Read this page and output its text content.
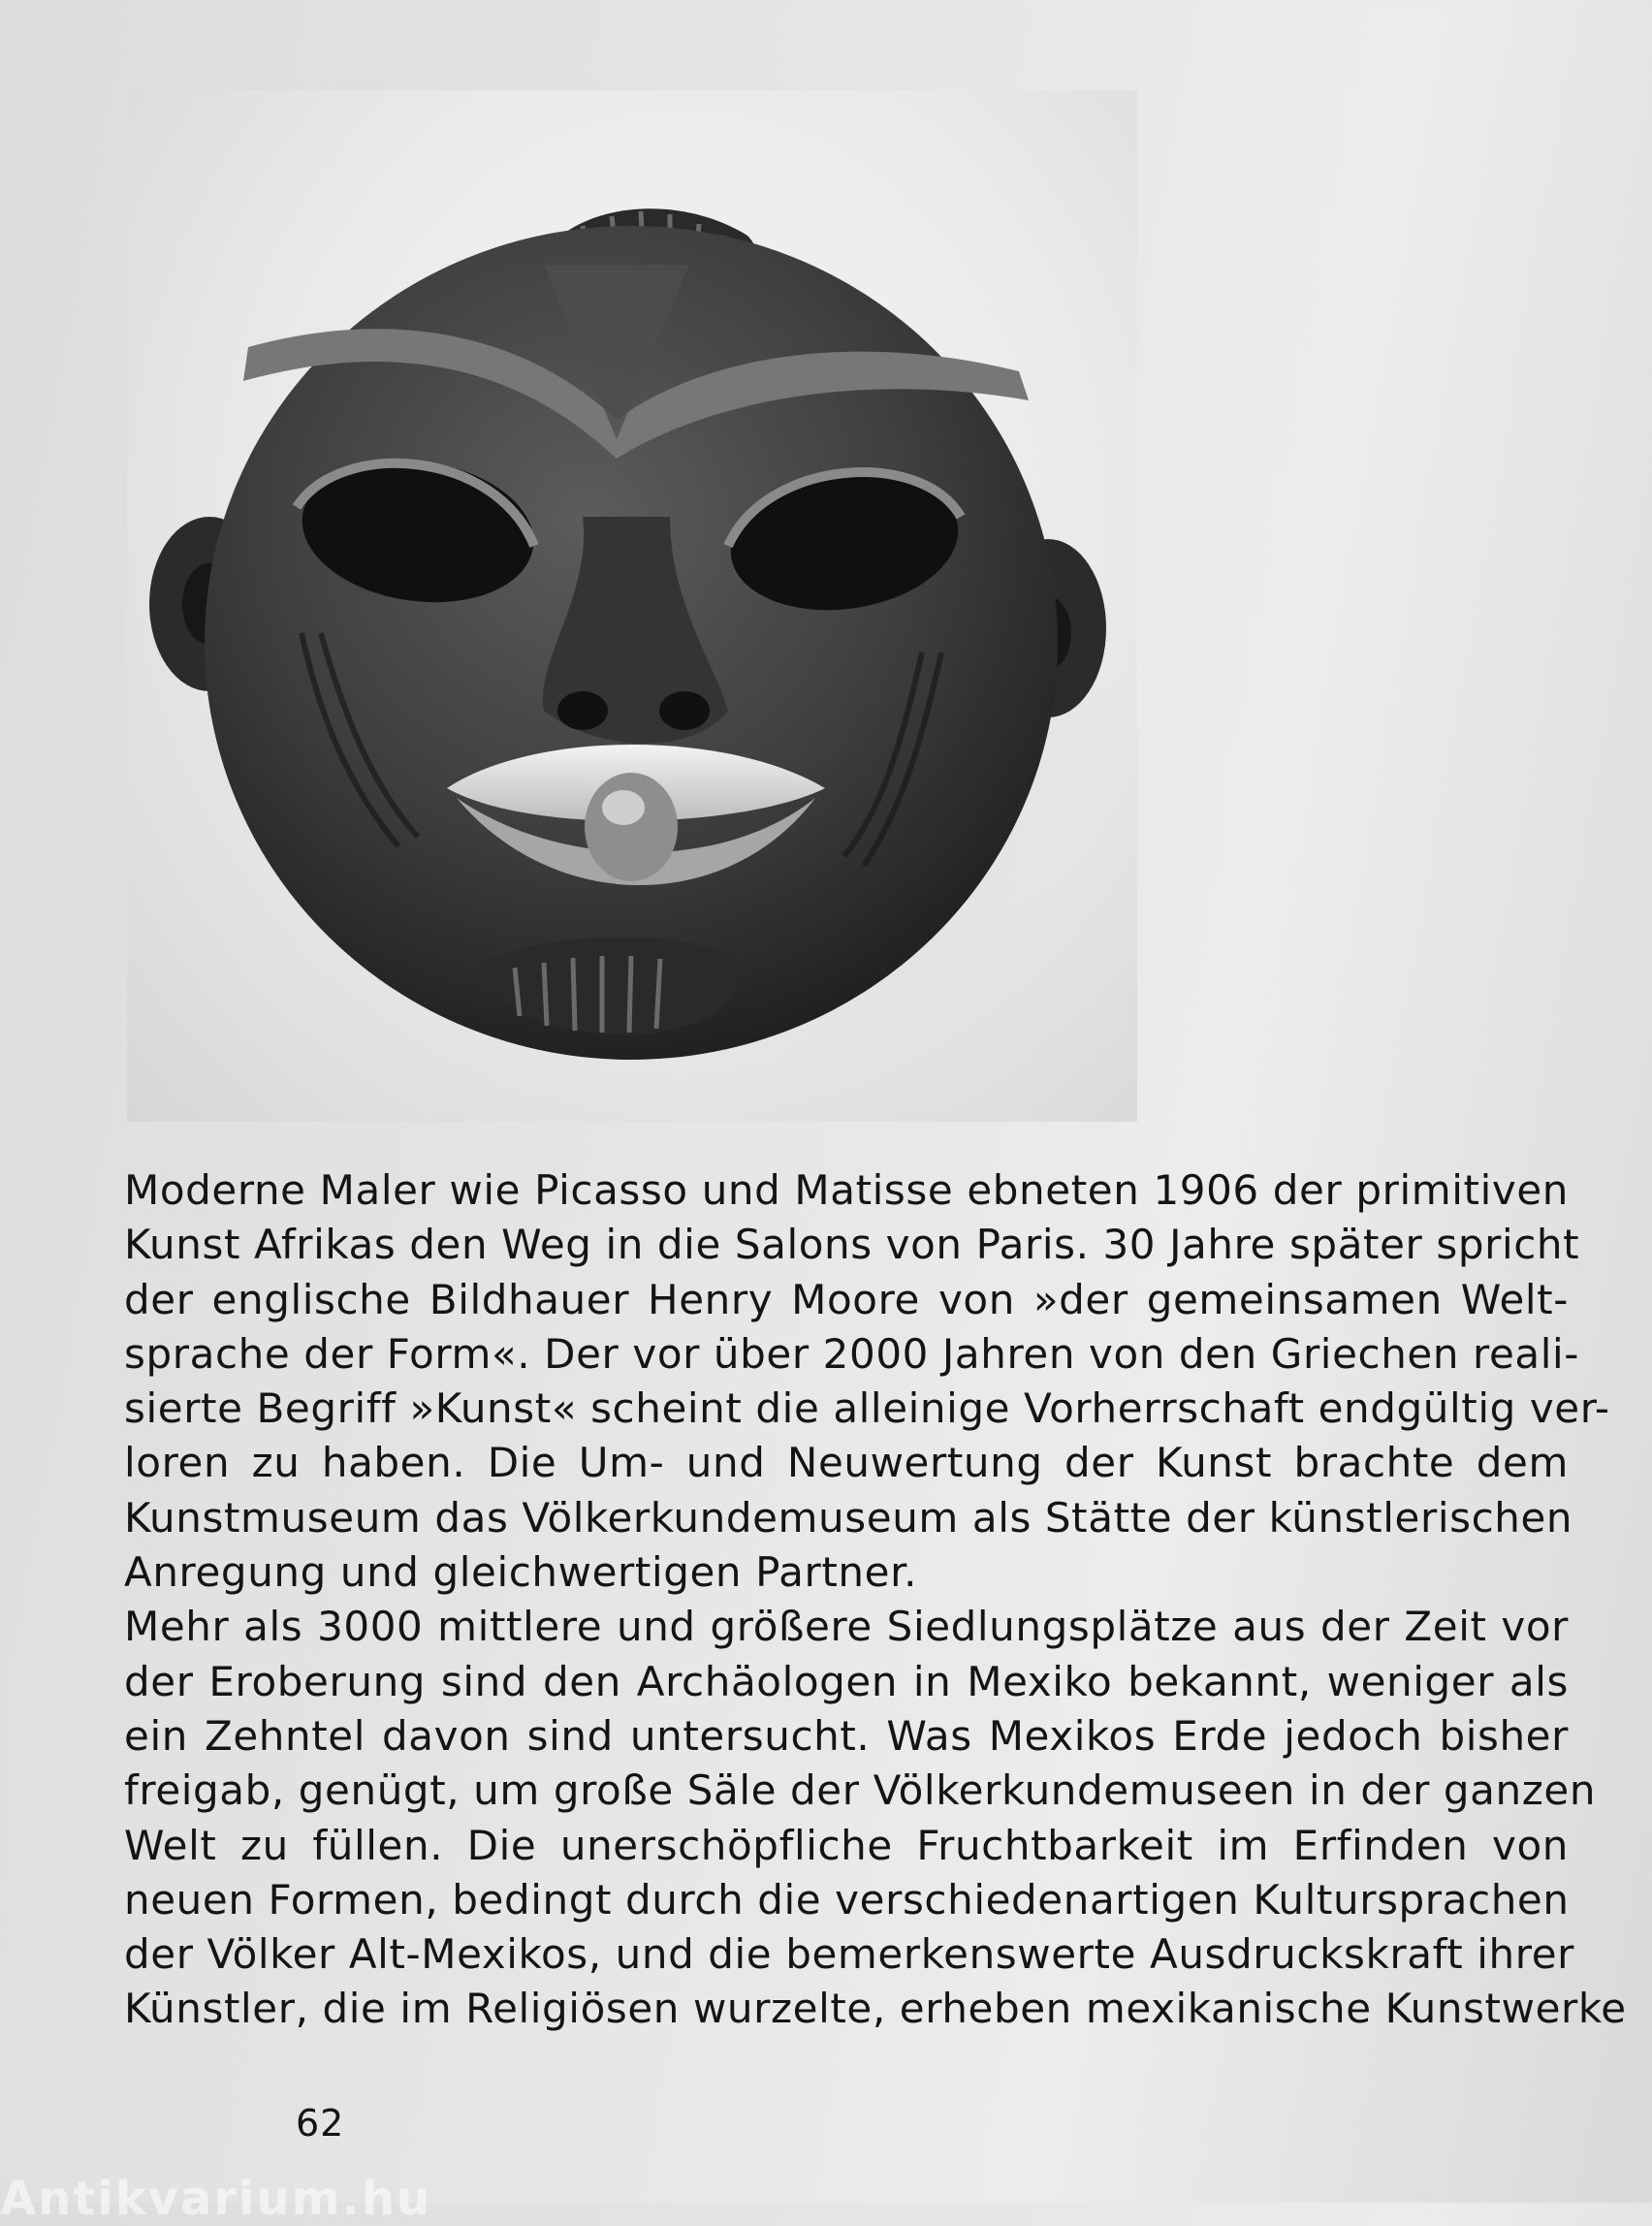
Moderne Maler wie Picasso und Matisse ebneten 1906 der primitiven
Kunst Afrikas den Weg in die Salons von Paris. 30 Jahre später spricht
der englische Bildhauer Henry Moore von »der gemeinsamen Welt-
sprache der Form«. Der vor über 2000 Jahren von den Griechen reali-
sierte Begriff »Kunst« scheint die alleinige Vorherrschaft endgültig ver-
loren zu haben. Die Um- und Neuwertung der Kunst brachte dem
Kunstmuseum das Völkerkundemuseum als Stätte der künstlerischen
Anregung und gleichwertigen Partner.
Mehr als 3000 mittlere und größere Siedlungsplätze aus der Zeit vor
der Eroberung sind den Archäologen in Mexiko bekannt, weniger als
ein Zehntel davon sind untersucht. Was Mexikos Erde jedoch bisher
freigab, genügt, um große Säle der Völkerkundemuseen in der ganzen
Welt zu füllen. Die unerschöpfliche Fruchtbarkeit im Erfinden von
neuen Formen, bedingt durch die verschiedenartigen Kultursprachen
der Völker Alt-Mexikos, und die bemerkenswerte Ausdruckskraft ihrer
Künstler, die im Religiösen wurzelte, erheben mexikanische Kunstwerke
62
Antikvarium.hu
